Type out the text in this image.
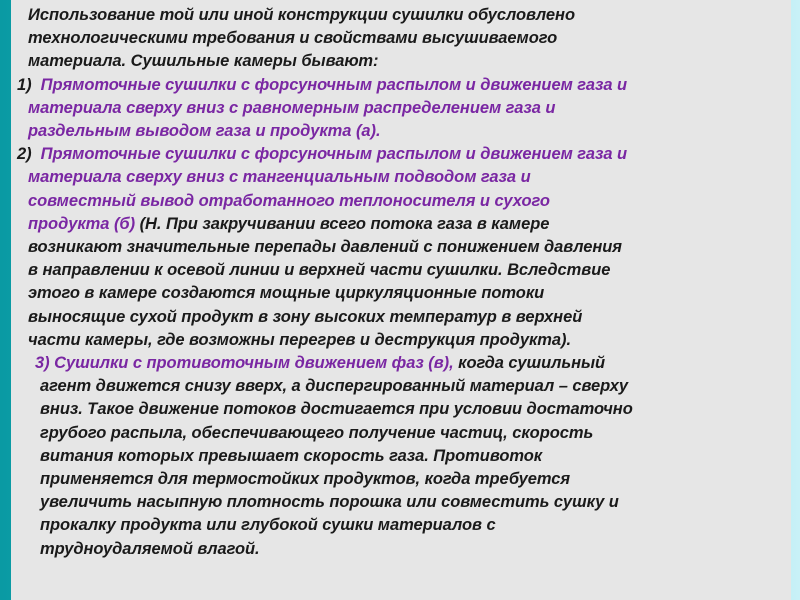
Использование той или иной конструкции сушилки обусловлено
технологическими требования и свойствами высушиваемого
материала. Сушильные камеры бывают:
1) Прямоточные сушилки с форсуночным распылом и движением газа и
материала сверху вниз с равномерным распределением газа и
раздельным выводом газа и продукта (а).
2) Прямоточные сушилки с форсуночным распылом и движением газа и
материала сверху вниз с тангенциальным подводом газа и
совместный вывод отработанного теплоносителя и сухого
продукта (б) (Н. При закручивании всего потока газа в камере
возникают значительные перепады давлений с понижением давления
в направлении к осевой линии и верхней части сушилки. Вследствие
этого в камере создаются мощные циркуляционные потоки
выносящие сухой продукт в зону высоких температур в верхней
части камеры, где возможны перегрев и деструкция продукта).
3) Сушилки с противоточным движением фаз (в), когда сушильный
агент движется снизу вверх, а диспергированный материал – сверху
вниз. Такое движение потоков достигается при условии достаточно
грубого распыла, обеспечивающего получение частиц, скорость
витания которых превышает скорость газа. Противоток
применяется для термостойких продуктов, когда требуется
увеличить насыпную плотность порошка или совместить сушку и
прокалку продукта или глубокой сушки материалов с
трудноудаляемой влагой.
